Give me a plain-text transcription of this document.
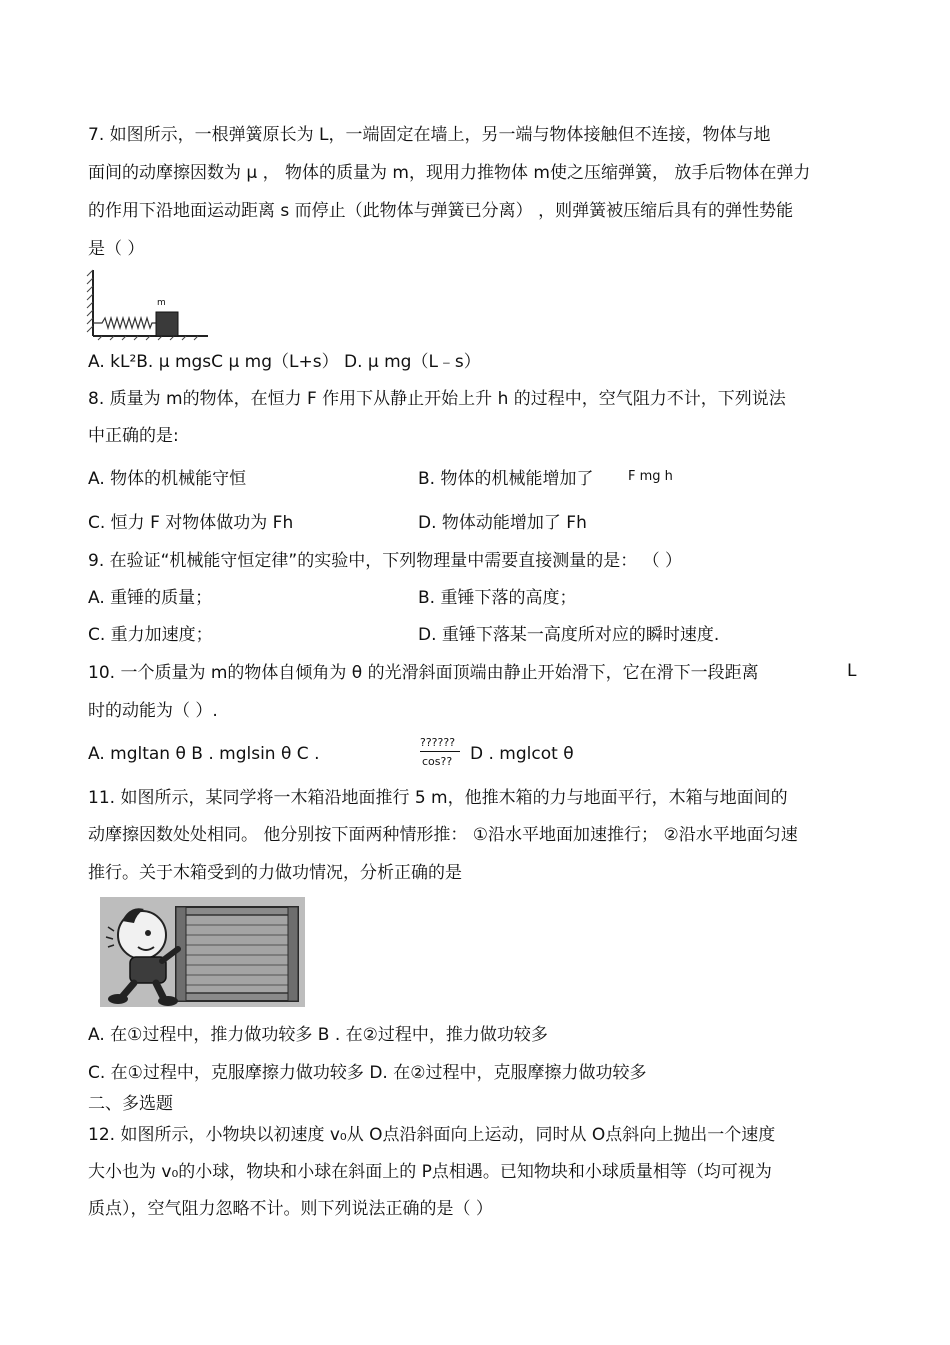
7. 如图所示，一根弹簧原长为 L，一端固定在墙上，另一端与物体接触但不连接，物体与地
面间的动摩擦因数为 μ ， 物体的质量为 m，现用力推物体 m使之压缩弹簧， 放手后物体在弹力
的作用下沿地面运动距离 s 而停止（此物体与弹簧已分离） ，则弹簧被压缩后具有的弹性势能
是（ ）
m
A. kL²B. μ mgsC μ mg（L+s） D. μ mg（L﹣s）
8. 质量为 m的物体，在恒力 F 作用下从静止开始上升 h 的过程中，空气阻力不计，下列说法
中正确的是:
A. 物体的机械能守恒	B. 物体的机械能增加了	F mg h
C. 恒力 F 对物体做功为 Fh	D. 物体动能增加了 Fh
9. 在验证“机械能守恒定律”的实验中，下列物理量中需要直接测量的是： （ ）
A. 重锤的质量；	B. 重锤下落的高度；
C. 重力加速度；	D. 重锤下落某一高度所对应的瞬时速度.
10. 一个质量为 m的物体自倾角为 θ 的光滑斜面顶端由静止开始滑下，它在滑下一段距离	L
时的动能为（ ）.
A. mgltan θ B . mglsin θ C .
??????
cos?? D . mglcot θ
11. 如图所示，某同学将一木箱沿地面推行 5 m，他推木箱的力与地面平行，木箱与地面间的
动摩擦因数处处相同。 他分别按下面两种情形推： ①沿水平地面加速推行； ②沿水平地面匀速
推行。关于木箱受到的力做功情况，分析正确的是
A. 在①过程中，推力做功较多 B . 在②过程中，推力做功较多
C. 在①过程中，克服摩擦力做功较多 D. 在②过程中，克服摩擦力做功较多
二、多选题
12. 如图所示，小物块以初速度 v₀从 O点沿斜面向上运动，同时从 O点斜向上抛出一个速度
大小也为 v₀的小球，物块和小球在斜面上的 P点相遇。已知物块和小球质量相等（均可视为
质点），空气阻力忽略不计。则下列说法正确的是（ ）
